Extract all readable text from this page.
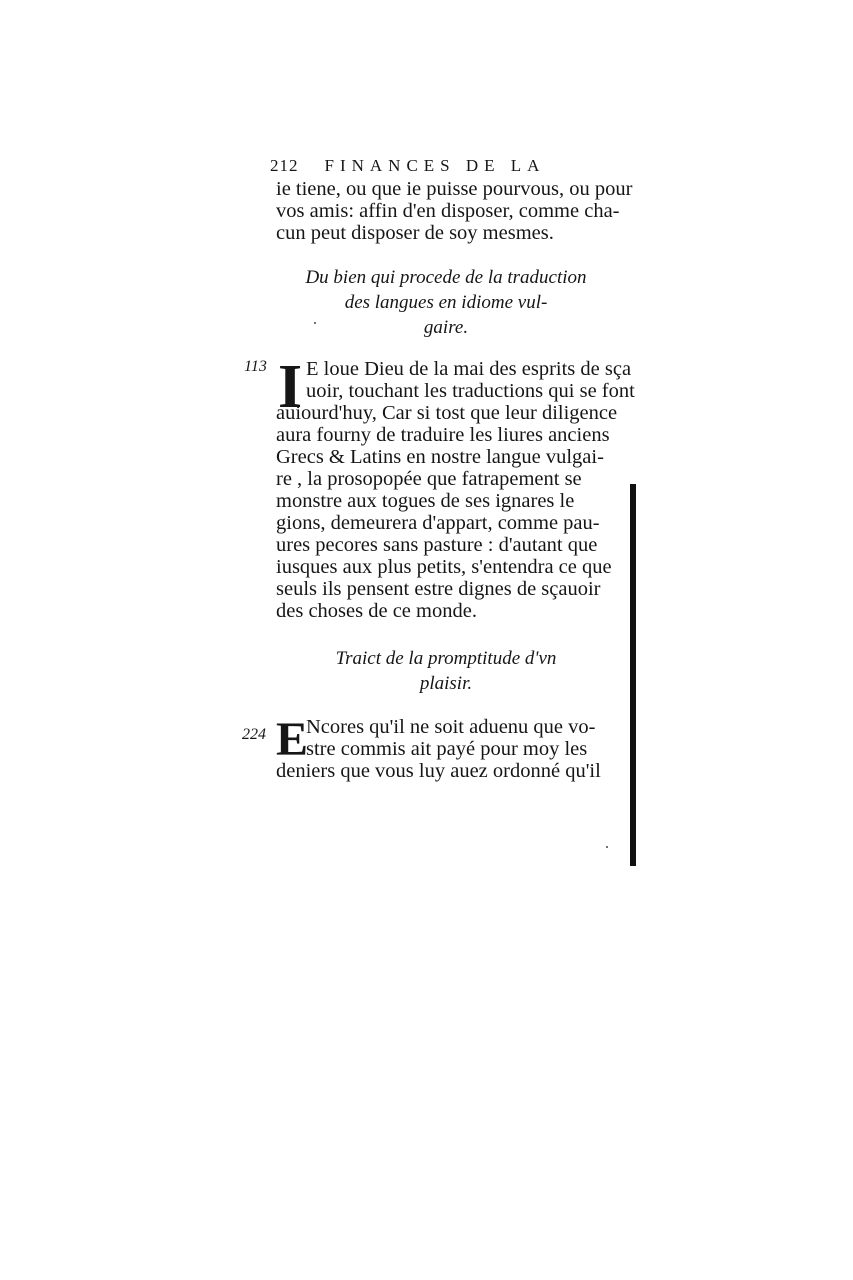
212 FINANCES DE LA
ie tiene, ou que ie puisse pourvous, ou pour
vos amis: affin d'en disposer, comme cha-
cun peut disposer de soy mesmes.
Du bien qui procede de la traduction
des langues en idiome vul-
gaire.
113 I E loue Dieu de la mai des esprits de sça
uoir, touchant les traductions qui se font
auiourd'huy, Car si tost que leur diligence
aura fourny de traduire les liures anciens
Grecs & Latins en nostre langue vulgai-
re , la prosopopée que fatrapement se
monstre aux togues de ses ignares le
gions, demeurera d'appart, comme pau-
ures pecores sans pasture : d'autant que
iusques aux plus petits, s'entendra ce que
seuls ils pensent estre dignes de sçauoir
des choses de ce monde.
Traict de la promptitude d'vn
plaisir.
224 E
Ncores qu'il ne soit aduenu que vo-
stre commis ait payé pour moy les
deniers que vous luy auez ordonné qu'il
